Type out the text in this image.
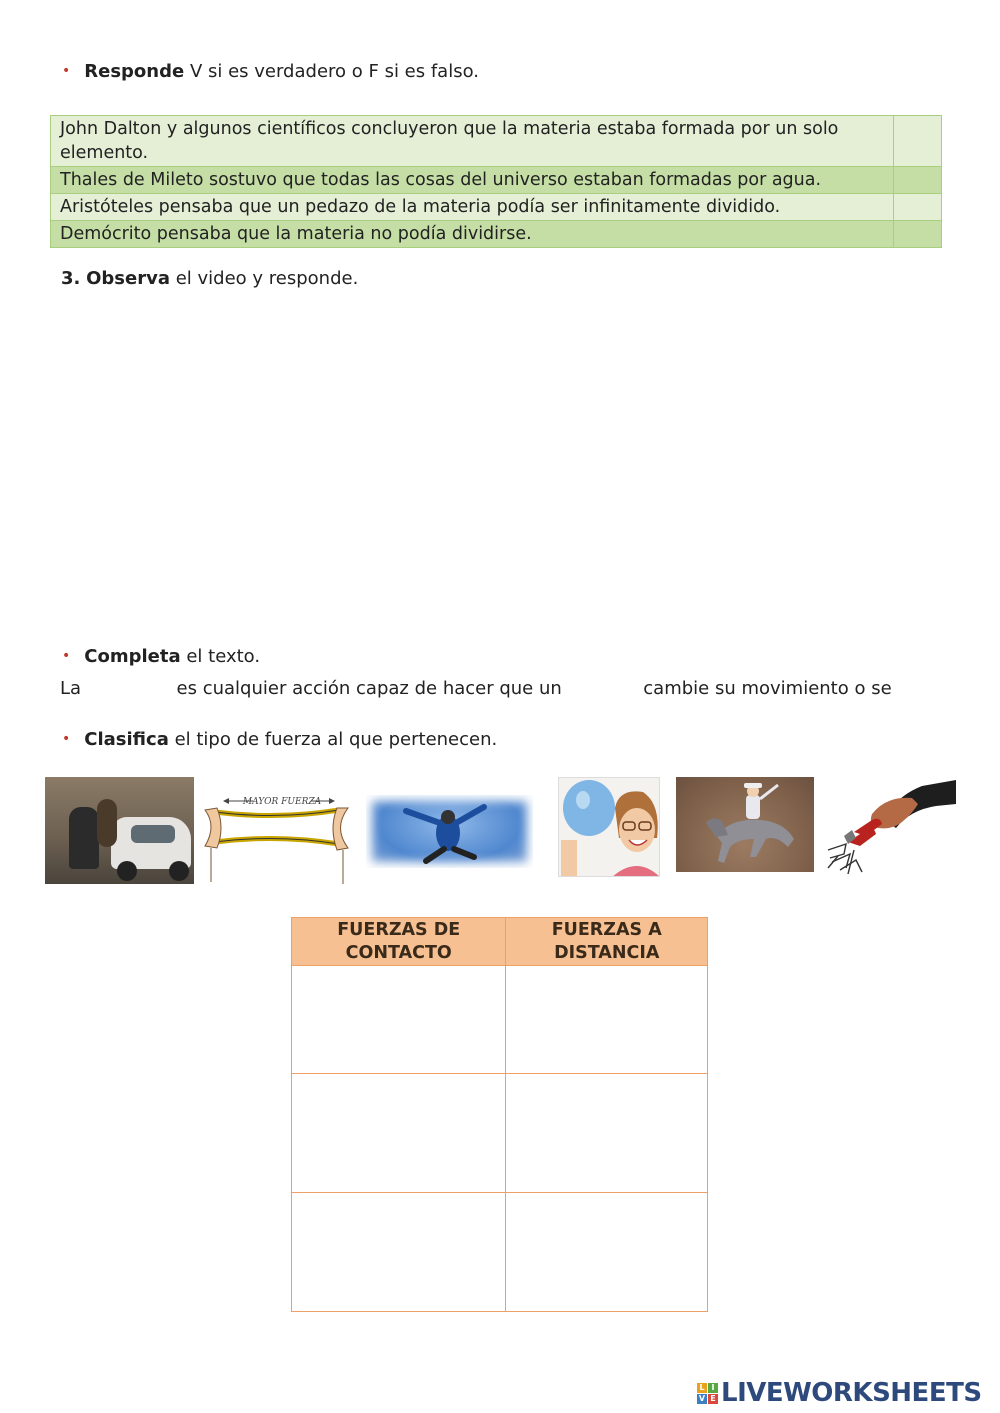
• Responde V si es verdadero o F si es falso.
John Dalton y algunos científicos concluyeron que la materia estaba formada por un solo elemento.	
Thales de Mileto sostuvo que todas las cosas del universo estaban formadas por agua.	
Aristóteles pensaba que un pedazo de la materia podía ser infinitamente dividido.	
Demócrito pensaba que la materia no podía dividirse.	
3. Observa el video y responde.
• Completa el texto.
La	es cualquier acción capaz de hacer que un	cambie su movimiento o se
• Clasifica el tipo de fuerza al que pertenecen.
MAYOR FUERZA
FUERZAS DE CONTACTO	FUERZAS A DISTANCIA

L I
V E LIVEWORKSHEETS
